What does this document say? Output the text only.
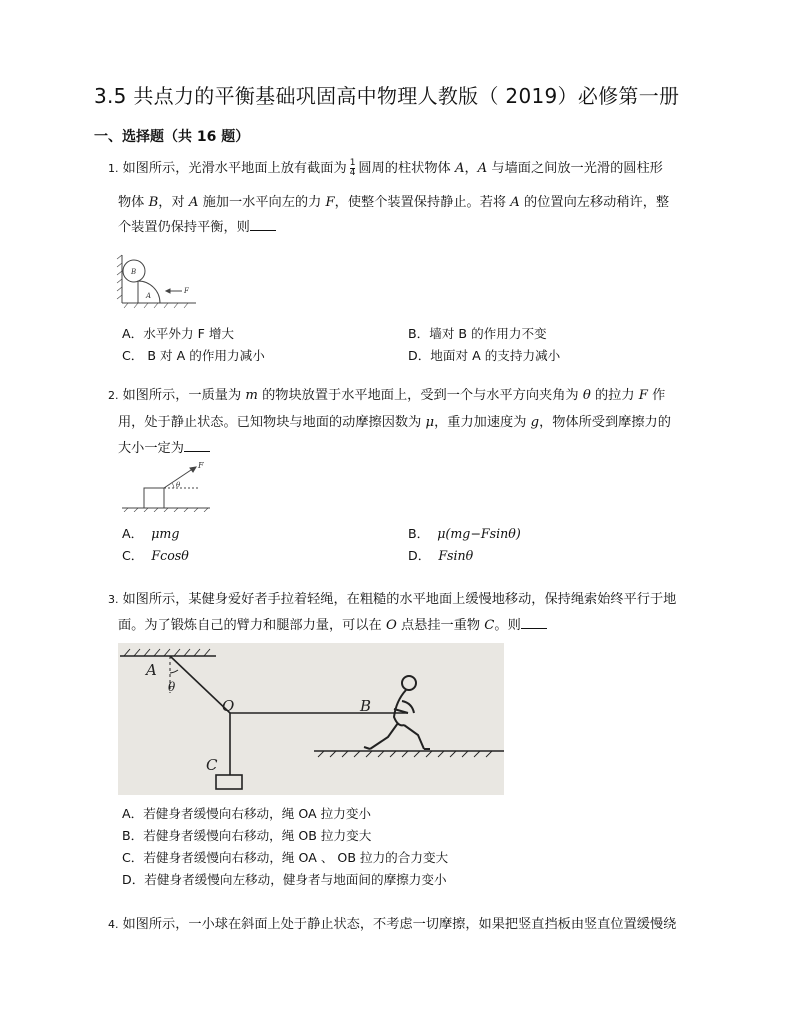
3.5 共点力的平衡基础巩固高中物理人教版（ 2019）必修第一册
一、选择题（共 16 题）
1. 如图所示，光滑水平地面上放有截面为 $\frac{1}{4}$ 圆周的柱状物体 A，A 与墙面之间放一光滑的圆柱形
物体 B，对 A 施加一水平向左的力 F，使整个装置保持静止。若将 A 的位置向左移动稍许，整
个装置仍保持平衡，则
B
A
F
A．水平外力 F 增大	B．墙对 B 的作用力不变
C． B 对 A 的作用力减小	D．地面对 A 的支持力减小
2. 如图所示，一质量为 m 的物块放置于水平地面上，受到一个与水平方向夹角为 θ 的拉力 F 作
用，处于静止状态。已知物块与地面的动摩擦因数为 μ，重力加速度为 g，物体所受到摩擦力的
大小一定为
F
θ
A． μmg	B． μ(mg−Fsinθ)
C． Fcosθ	D． Fsinθ
3. 如图所示，某健身爱好者手拉着轻绳，在粗糙的水平地面上缓慢地移动，保持绳索始终平行于地
面。为了锻炼自己的臂力和腿部力量，可以在 O 点悬挂一重物 C。则
A
θ
O	B
C
A．若健身者缓慢向右移动，绳 OA 拉力变小
B．若健身者缓慢向右移动，绳 OB 拉力变大
C．若健身者缓慢向右移动，绳 OA 、 OB 拉力的合力变大
D．若健身者缓慢向左移动，健身者与地面间的摩擦力变小
4. 如图所示，一小球在斜面上处于静止状态，不考虑一切摩擦，如果把竖直挡板由竖直位置缓慢绕
